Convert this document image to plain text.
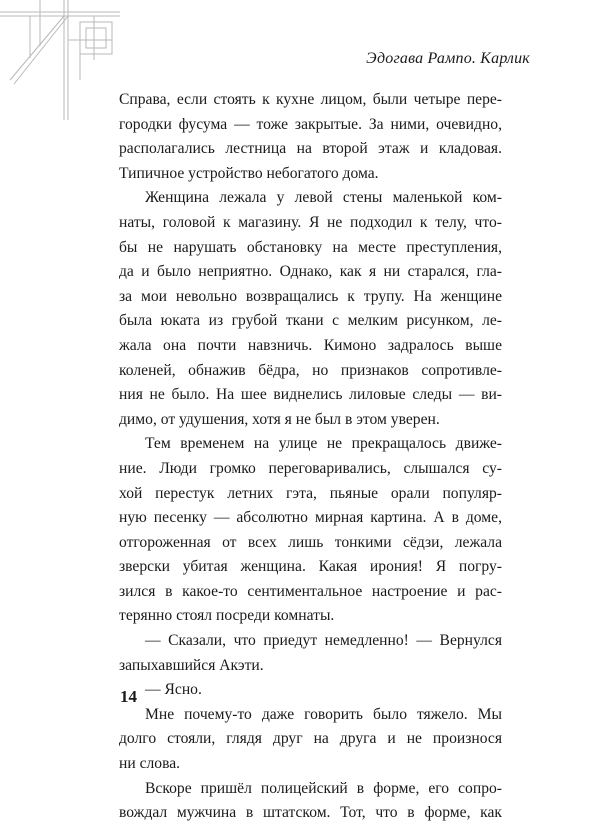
Эдогава Рампо. Карлик
Справа, если стоять к кухне лицом, были четыре пере-
городки фусума — тоже закрытые. За ними, очевидно,
располагались лестница на второй этаж и кладовая.
Типичное устройство небогатого дома.
Женщина лежала у левой стены маленькой ком-
наты, головой к магазину. Я не подходил к телу, что-
бы не нарушать обстановку на месте преступления,
да и было неприятно. Однако, как я ни старался, гла-
за мои невольно возвращались к трупу. На женщине
была юката из грубой ткани с мелким рисунком, ле-
жала она почти навзничь. Кимоно задралось выше
коленей, обнажив бёдра, но признаков сопротивле-
ния не было. На шее виднелись лиловые следы — ви-
димо, от удушения, хотя я не был в этом уверен.
Тем временем на улице не прекращалось движе-
ние. Люди громко переговаривались, слышался су-
хой перестук летних гэта, пьяные орали популяр-
ную песенку — абсолютно мирная картина. А в доме,
отгороженная от всех лишь тонкими сёдзи, лежала
зверски убитая женщина. Какая ирония! Я погру-
зился в какое-то сентиментальное настроение и рас-
терянно стоял посреди комнаты.
— Сказали, что приедут немедленно! — Вернулся
запыхавшийся Акэти.
— Ясно.
Мне почему-то даже говорить было тяжело. Мы
долго стояли, глядя друг на друга и не произнося
ни слова.
Вскоре пришёл полицейский в форме, его сопро-
вождал мужчина в штатском. Тот, что в форме, как
14
